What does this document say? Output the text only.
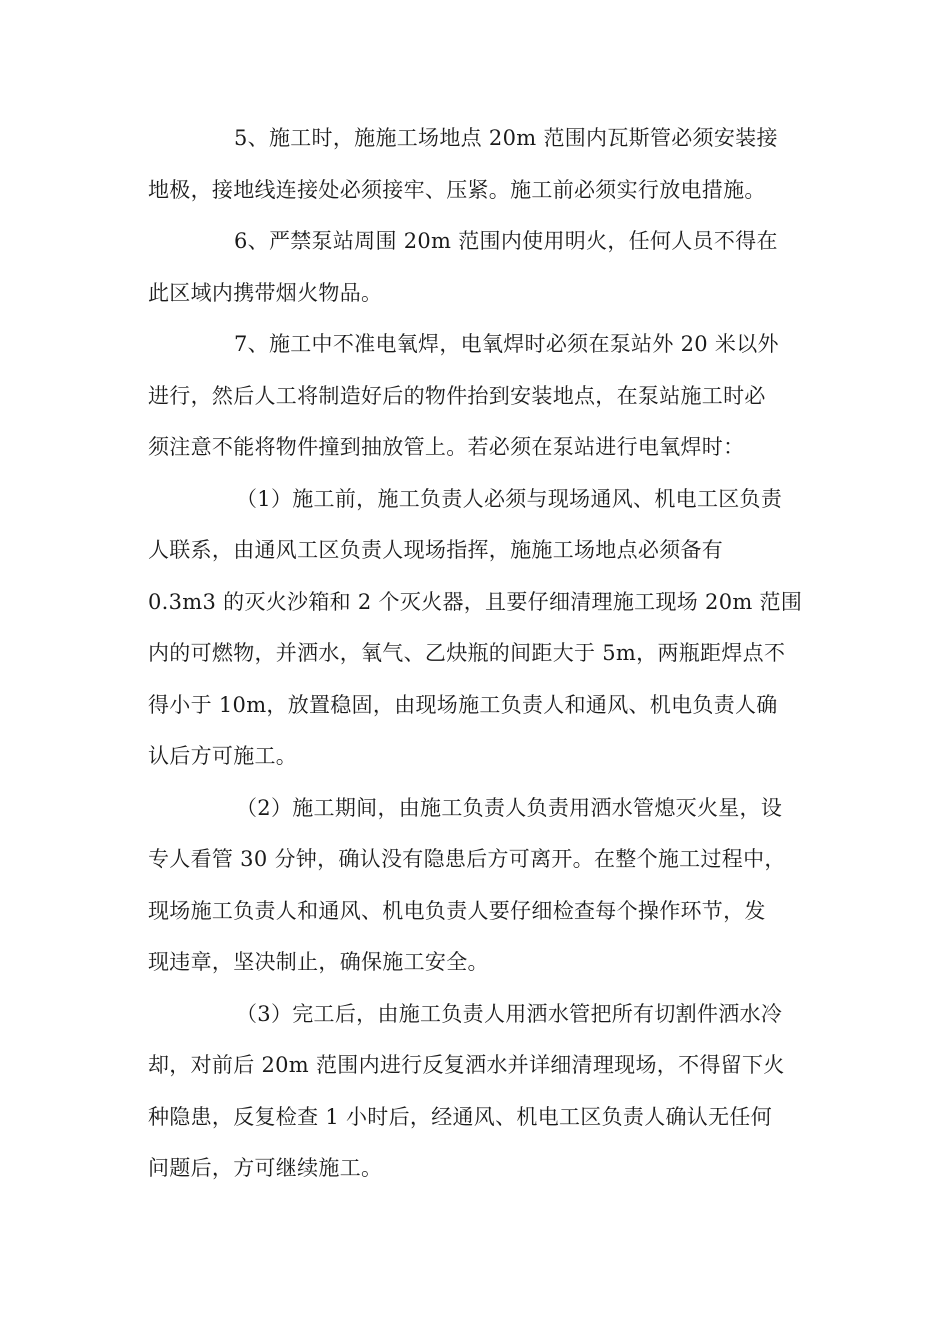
5、施工时，施施工场地点 20m 范围内瓦斯管必须安装接
地极，接地线连接处必须接牢、压紧。施工前必须实行放电措施。
6、严禁泵站周围 20m 范围内使用明火，任何人员不得在
此区域内携带烟火物品。
7、施工中不准电氧焊，电氧焊时必须在泵站外 20 米以外
进行，然后人工将制造好后的物件抬到安装地点，在泵站施工时必
须注意不能将物件撞到抽放管上。若必须在泵站进行电氧焊时：
（1）施工前，施工负责人必须与现场通风、机电工区负责
人联系，由通风工区负责人现场指挥，施施工场地点必须备有
0.3m3 的灭火沙箱和 2 个灭火器，且要仔细清理施工现场 20m 范围
内的可燃物，并洒水，氧气、乙炔瓶的间距大于 5m，两瓶距焊点不
得小于 10m，放置稳固，由现场施工负责人和通风、机电负责人确
认后方可施工。
（2）施工期间，由施工负责人负责用洒水管熄灭火星，设
专人看管 30 分钟，确认没有隐患后方可离开。在整个施工过程中，
现场施工负责人和通风、机电负责人要仔细检查每个操作环节，发
现违章，坚决制止，确保施工安全。
（3）完工后，由施工负责人用洒水管把所有切割件洒水冷
却，对前后 20m 范围内进行反复洒水并详细清理现场，不得留下火
种隐患，反复检查 1 小时后，经通风、机电工区负责人确认无任何
问题后，方可继续施工。
